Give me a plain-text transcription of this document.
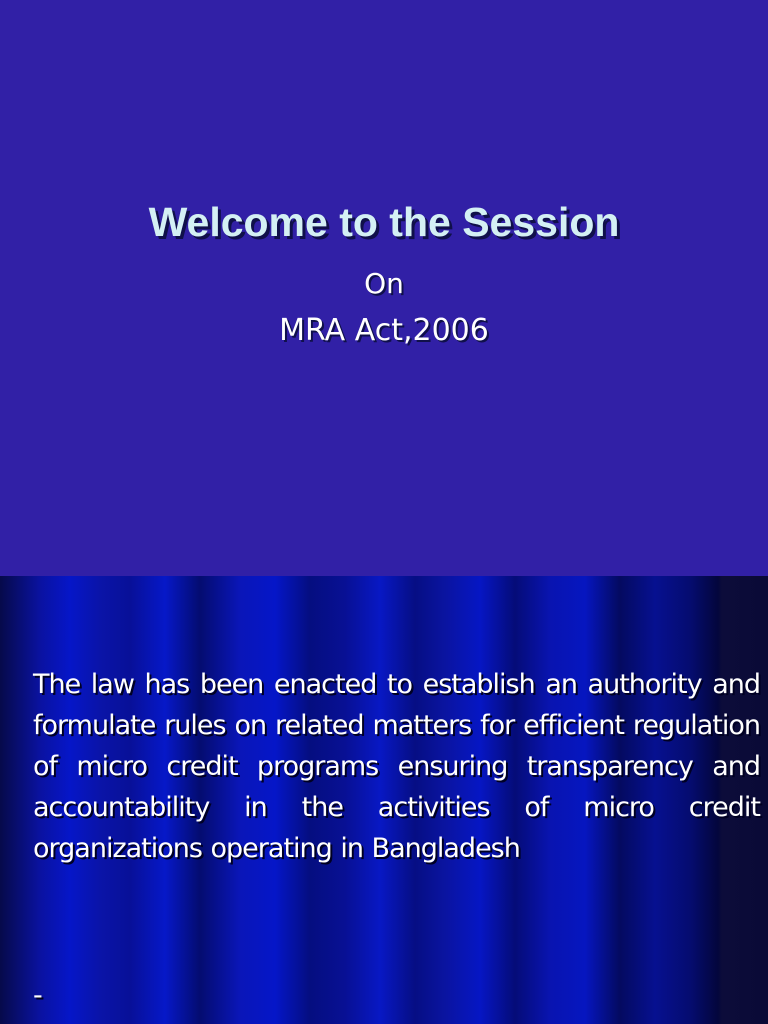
Welcome to the Session

On

MRA Act,2006

The law has been enacted to establish an authority and formulate rules on related matters for efficient regulation of micro credit programs ensuring transparency and accountability in the activities of micro credit organizations operating in Bangladesh

-
